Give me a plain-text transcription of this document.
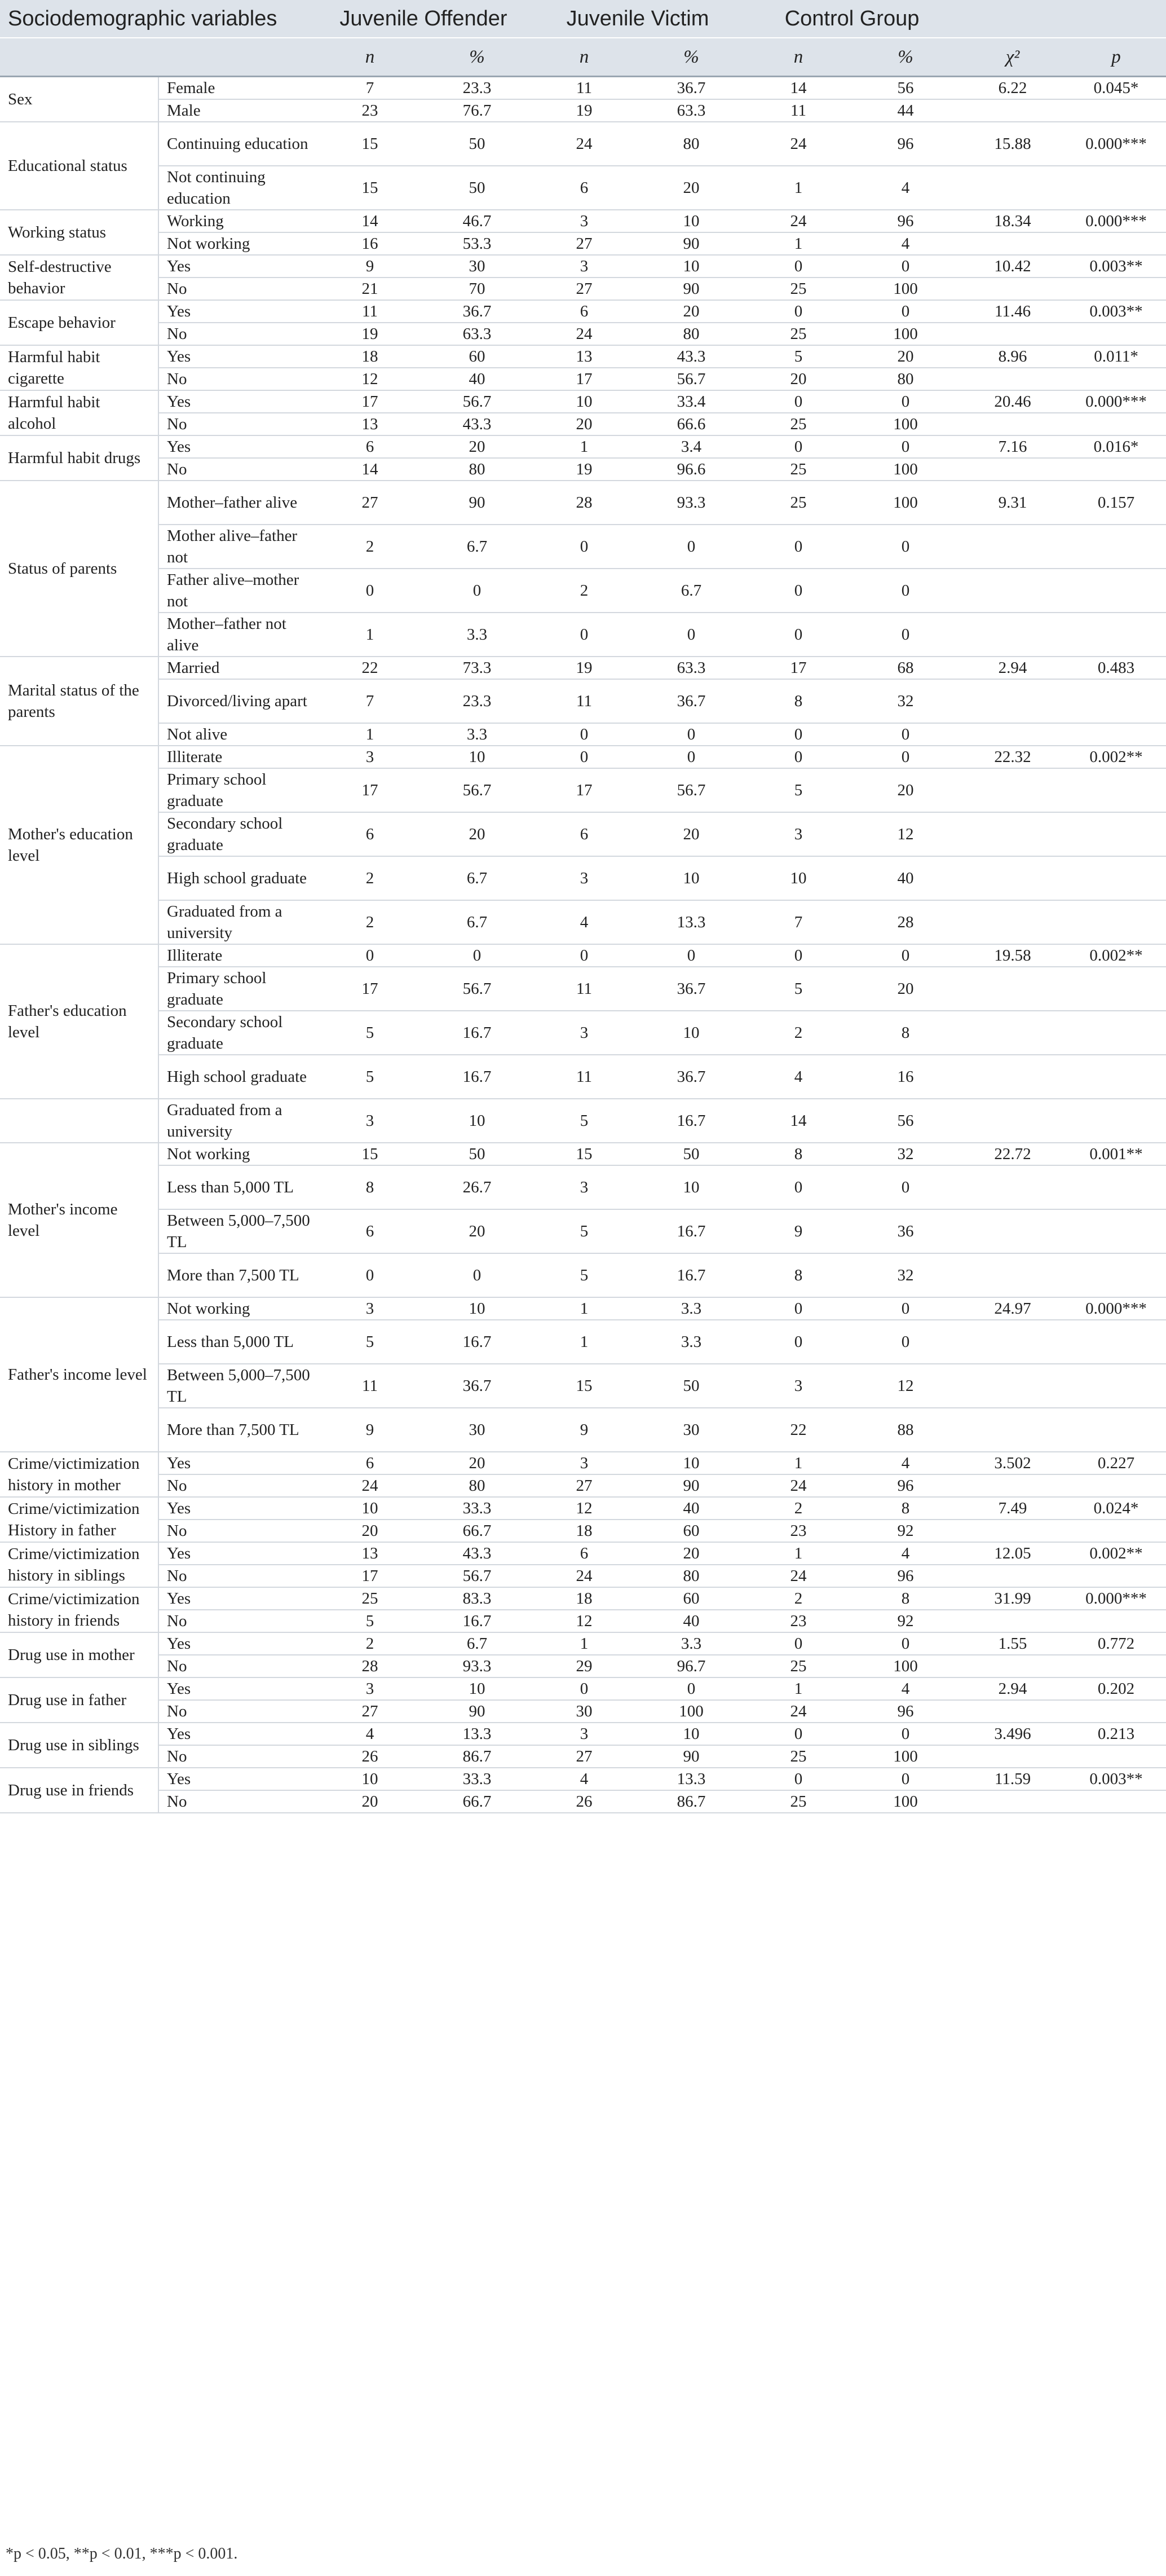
Sociodemographic variables		Juvenile Offender		Juvenile Victim		Control Group			
		n	%	n	%	n	%	χ²	p
Sex	Female	7	23.3	11	36.7	14	56	6.22	0.045*
	Male	23	76.7	19	63.3	11	44		
Educational status	Continuing education	15	50	24	80	24	96	15.88	0.000***
	Not continuing education	15	50	6	20	1	4		
Working status	Working	14	46.7	3	10	24	96	18.34	0.000***
	Not working	16	53.3	27	90	1	4		
Self-destructive behavior	Yes	9	30	3	10	0	0	10.42	0.003**
	No	21	70	27	90	25	100		
Escape behavior	Yes	11	36.7	6	20	0	0	11.46	0.003**
	No	19	63.3	24	80	25	100		
Harmful habit cigarette	Yes	18	60	13	43.3	5	20	8.96	0.011*
	No	12	40	17	56.7	20	80		
Harmful habit alcohol	Yes	17	56.7	10	33.4	0	0	20.46	0.000***
	No	13	43.3	20	66.6	25	100		
Harmful habit drugs	Yes	6	20	1	3.4	0	0	7.16	0.016*
	No	14	80	19	96.6	25	100		
Status of parents	Mother–father alive	27	90	28	93.3	25	100	9.31	0.157
	Mother alive–father not	2	6.7	0	0	0	0		
	Father alive–mother not	0	0	2	6.7	0	0		
	Mother–father not alive	1	3.3	0	0	0	0		
Marital status of the parents	Married	22	73.3	19	63.3	17	68	2.94	0.483
	Divorced/living apart	7	23.3	11	36.7	8	32		
	Not alive	1	3.3	0	0	0	0		
Mother's education level	Illiterate	3	10	0	0	0	0	22.32	0.002**
	Primary school graduate	17	56.7	17	56.7	5	20		
	Secondary school graduate	6	20	6	20	3	12		
	High school graduate	2	6.7	3	10	10	40		
	Graduated from a university	2	6.7	4	13.3	7	28		
Father's education level	Illiterate	0	0	0	0	0	0	19.58	0.002**
	Primary school graduate	17	56.7	11	36.7	5	20		
	Secondary school graduate	5	16.7	3	10	2	8		
	High school graduate	5	16.7	11	36.7	4	16		
	Graduated from a university	3	10	5	16.7	14	56		
Mother's income level	Not working	15	50	15	50	8	32	22.72	0.001**
	Less than 5,000 TL	8	26.7	3	10	0	0		
	Between 5,000–7,500 TL	6	20	5	16.7	9	36		
	More than 7,500 TL	0	0	5	16.7	8	32		
Father's income level	Not working	3	10	1	3.3	0	0	24.97	0.000***
	Less than 5,000 TL	5	16.7	1	3.3	0	0		
	Between 5,000–7,500 TL	11	36.7	15	50	3	12		
	More than 7,500 TL	9	30	9	30	22	88		
Crime/victimization history in mother	Yes	6	20	3	10	1	4	3.502	0.227
	No	24	80	27	90	24	96		
Crime/victimization History in father	Yes	10	33.3	12	40	2	8	7.49	0.024*
	No	20	66.7	18	60	23	92		
Crime/victimization history in siblings	Yes	13	43.3	6	20	1	4	12.05	0.002**
	No	17	56.7	24	80	24	96		
Crime/victimization history in friends	Yes	25	83.3	18	60	2	8	31.99	0.000***
	No	5	16.7	12	40	23	92		
Drug use in mother	Yes	2	6.7	1	3.3	0	0	1.55	0.772
	No	28	93.3	29	96.7	25	100		
Drug use in father	Yes	3	10	0	0	1	4	2.94	0.202
	No	27	90	30	100	24	96		
Drug use in siblings	Yes	4	13.3	3	10	0	0	3.496	0.213
	No	26	86.7	27	90	25	100		
Drug use in friends	Yes	10	33.3	4	13.3	0	0	11.59	0.003**
	No	20	66.7	26	86.7	25	100		
*p < 0.05, **p < 0.01, ***p < 0.001.
